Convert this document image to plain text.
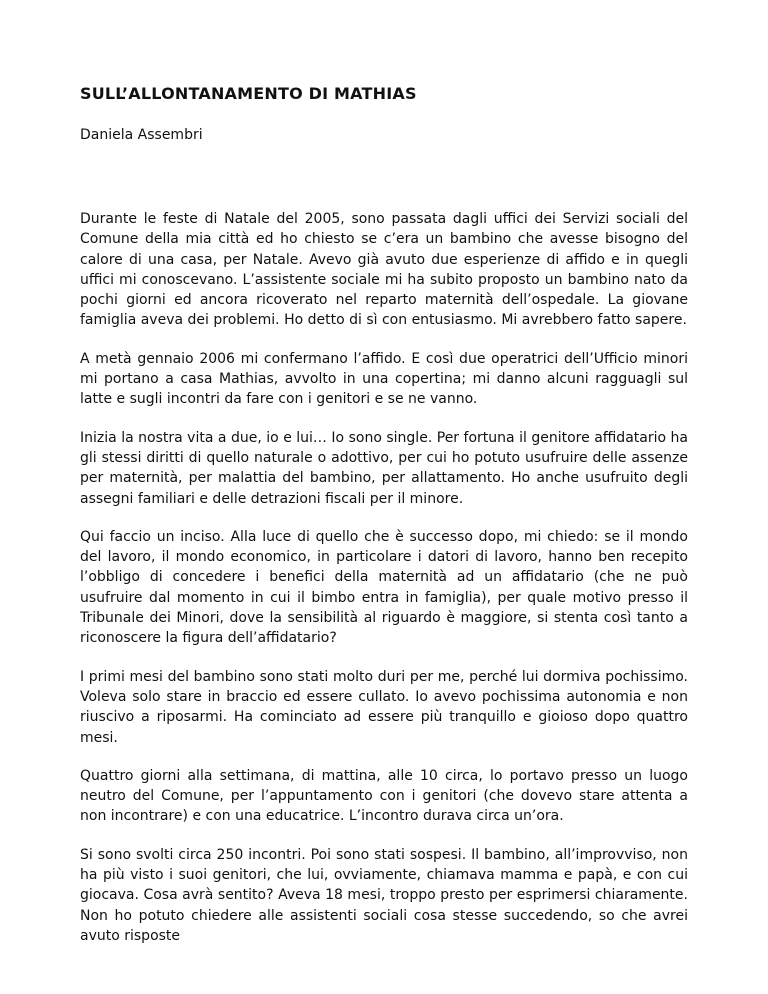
SULL’ALLONTANAMENTO DI MATHIAS
Daniela Assembri

Durante le feste di Natale del 2005, sono passata dagli uffici dei Servizi sociali del Comune della mia città ed ho chiesto se c’era un bambino che avesse bisogno del calore di una casa, per Natale. Avevo già avuto due esperienze di affido e in quegli uffici mi conoscevano. L’assistente sociale mi ha subito proposto un bambino nato da pochi giorni ed ancora ricoverato nel reparto maternità dell’ospedale. La giovane famiglia aveva dei problemi. Ho detto di sì con entusiasmo. Mi avrebbero fatto sapere.

A metà gennaio 2006 mi confermano l’affido. E così due operatrici dell’Ufficio minori mi portano a casa Mathias, avvolto in una copertina; mi danno alcuni ragguagli sul latte e sugli incontri da fare con i genitori e se ne vanno.

Inizia la nostra vita a due, io e lui… Io sono single. Per fortuna il genitore affidatario ha gli stessi diritti di quello naturale o adottivo, per cui ho potuto usufruire delle assenze per maternità, per malattia del bambino, per allattamento. Ho anche usufruito degli assegni familiari e delle detrazioni fiscali per il minore.

Qui faccio un inciso. Alla luce di quello che è successo dopo, mi chiedo: se il mondo del lavoro, il mondo economico, in particolare i datori di lavoro, hanno ben recepito l’obbligo di concedere i benefici della maternità ad un affidatario (che ne può usufruire dal momento in cui il bimbo entra in famiglia), per quale motivo presso il Tribunale dei Minori, dove la sensibilità al riguardo è maggiore, si stenta così tanto a riconoscere la figura dell’affidatario?

I primi mesi del bambino sono stati molto duri per me, perché lui dormiva pochissimo. Voleva solo stare in braccio ed essere cullato. Io avevo pochissima autonomia e non riuscivo a riposarmi. Ha cominciato ad essere più tranquillo e gioioso dopo quattro mesi.

Quattro giorni alla settimana, di mattina, alle 10 circa, lo portavo presso un luogo neutro del Comune, per l’appuntamento con i genitori (che dovevo stare attenta a non incontrare) e con una educatrice. L’incontro durava circa un’ora.

Si sono svolti circa 250 incontri. Poi sono stati sospesi. Il bambino, all’improvviso, non ha più visto i suoi genitori, che lui, ovviamente, chiamava mamma e papà, e con cui giocava. Cosa avrà sentito? Aveva 18 mesi, troppo presto per esprimersi chiaramente. Non ho potuto chiedere alle assistenti sociali cosa stesse succedendo, so che avrei avuto risposte
